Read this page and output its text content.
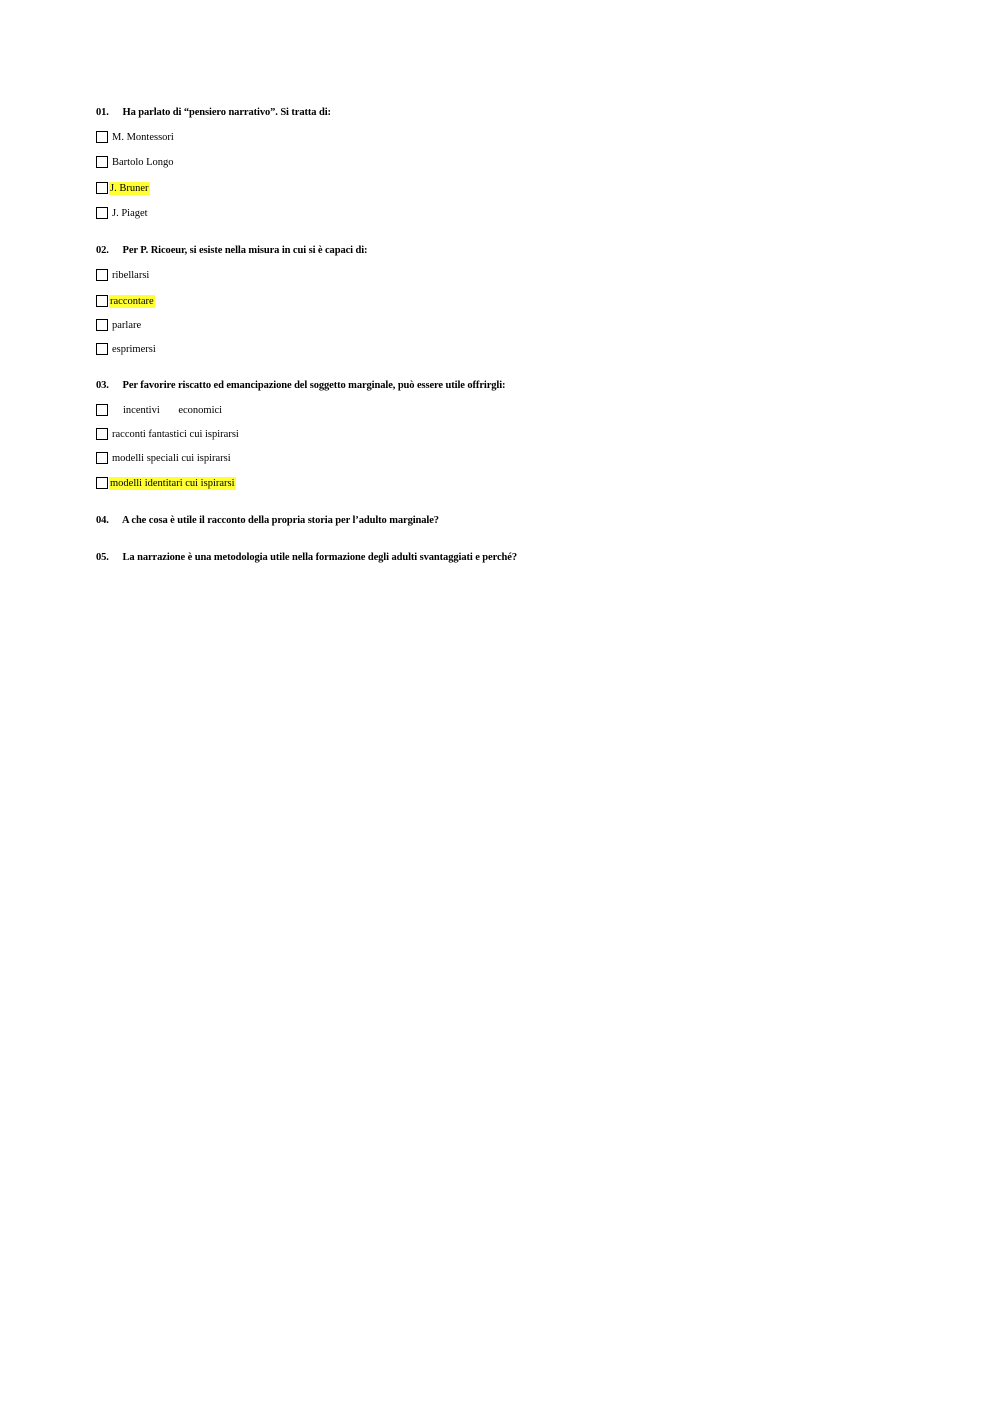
01. Ha parlato di “pensiero narrativo”. Si tratta di:
M. Montessori
Bartolo Longo
J. Bruner
J. Piaget
02. Per P. Ricoeur, si esiste nella misura in cui si è capaci di:
ribellarsi
raccontare
parlare
esprimersi
03. Per favorire riscatto ed emancipazione del soggetto marginale, può essere utile offrirgli:
incentivi economici
racconti fantastici cui ispirarsi
modelli speciali cui ispirarsi
modelli identitari cui ispirarsi
04. A che cosa è utile il racconto della propria storia per l’adulto marginale?
05. La narrazione è una metodologia utile nella formazione degli adulti svantaggiati e perché?
